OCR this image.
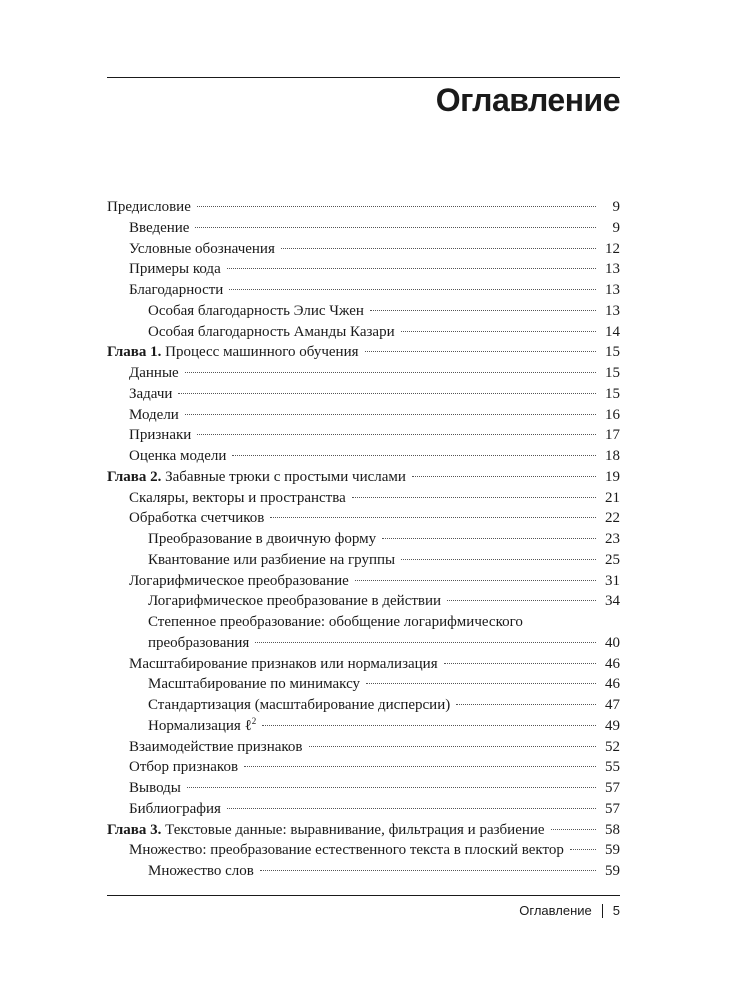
Оглавление
Предисловие	9
Введение	9
Условные обозначения	12
Примеры кода	13
Благодарности	13
Особая благодарность Элис Чжен	13
Особая благодарность Аманды Казари	14
Глава 1. Процесс машинного обучения	15
Данные	15
Задачи	15
Модели	16
Признаки	17
Оценка модели	18
Глава 2. Забавные трюки с простыми числами	19
Скаляры, векторы и пространства	21
Обработка счетчиков	22
Преобразование в двоичную форму	23
Квантование или разбиение на группы	25
Логарифмическое преобразование	31
Логарифмическое преобразование в действии	34
Степенное преобразование: обобщение логарифмического
преобразования	40
Масштабирование признаков или нормализация	46
Масштабирование по минимаксу	46
Стандартизация (масштабирование дисперсии)	47
Нормализация ℓ$^2$	49
Взаимодействие признаков	52
Отбор признаков	55
Выводы	57
Библиография	57
Глава 3. Текстовые данные: выравнивание, фильтрация и разбиение	58
Множество: преобразование естественного текста в плоский вектор	59
Множество слов	59
Оглавление 5
